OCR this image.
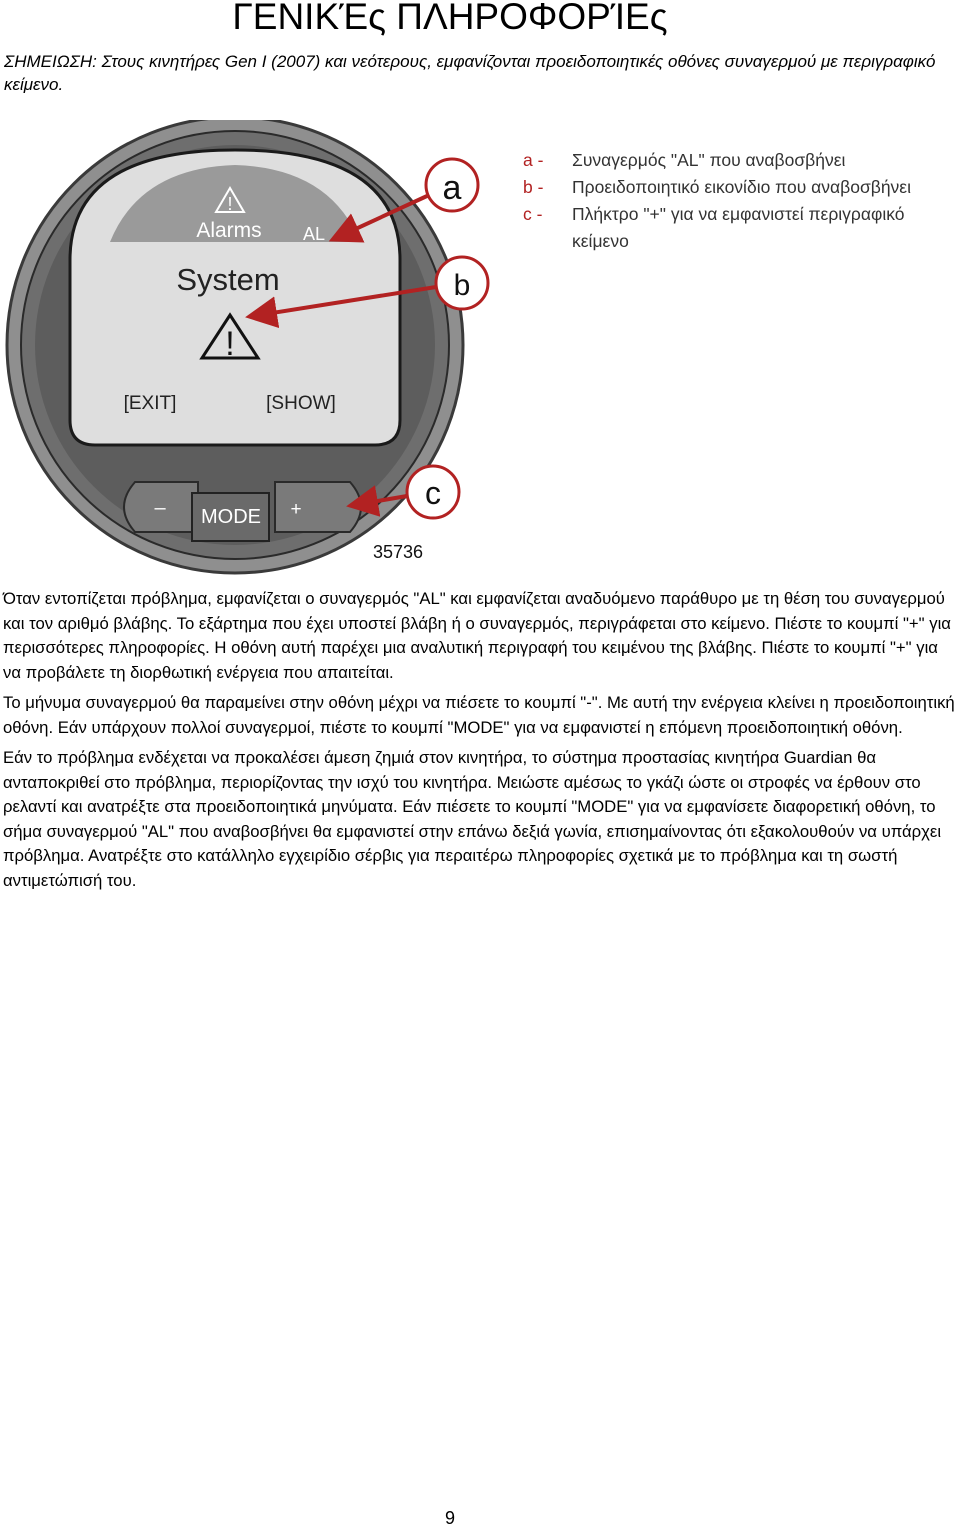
ΓΕΝΙΚΈς ΠΛΗΡΟΦΟΡΊΕς
ΣΗΜΕΙΩΣΗ: Στους κινητήρες Gen I (2007) και νεότερους, εμφανίζονται προειδοποιητικές οθόνες συναγερμού με περιγραφικό κείμενο.
!
Alarms AL
System
!
[EXIT]	[SHOW]
– MODE +
a
b
c
35736
a - Συναγερμός "AL" που αναβοσβήνει
b - Προειδοποιητικό εικονίδιο που αναβοσβήνει
c - Πλήκτρο "+" για να εμφανιστεί περιγραφικό κείμενο

Όταν εντοπίζεται πρόβλημα, εμφανίζεται ο συναγερμός "AL" και εμφανίζεται αναδυόμενο παράθυρο με τη θέση του συναγερμού και τον αριθμό βλάβης. Το εξάρτημα που έχει υποστεί βλάβη ή ο συναγερμός, περιγράφεται στο κείμενο. Πιέστε το κουμπί "+" για περισσότερες πληροφορίες. Η οθόνη αυτή παρέχει μια αναλυτική περιγραφή του κειμένου της βλάβης. Πιέστε το κουμπί "+" για να προβάλετε τη διορθωτική ενέργεια που απαιτείται.

Το μήνυμα συναγερμού θα παραμείνει στην οθόνη μέχρι να πιέσετε το κουμπί "-". Με αυτή την ενέργεια κλείνει η προειδοποιητική οθόνη. Εάν υπάρχουν πολλοί συναγερμοί, πιέστε το κουμπί "MODE" για να εμφανιστεί η επόμενη προειδοποιητική οθόνη.

Εάν το πρόβλημα ενδέχεται να προκαλέσει άμεση ζημιά στον κινητήρα, το σύστημα προστασίας κινητήρα Guardian θα ανταποκριθεί στο πρόβλημα, περιορίζοντας την ισχύ του κινητήρα. Μειώστε αμέσως το γκάζι ώστε οι στροφές να έρθουν στο ρελαντί και ανατρέξτε στα προειδοποιητικά μηνύματα. Εάν πιέσετε το κουμπί "MODE" για να εμφανίσετε διαφορετική οθόνη, το σήμα συναγερμού "AL" που αναβοσβήνει θα εμφανιστεί στην επάνω δεξιά γωνία, επισημαίνοντας ότι εξακολουθούν να υπάρχει πρόβλημα. Ανατρέξτε στο κατάλληλο εγχειρίδιο σέρβις για περαιτέρω πληροφορίες σχετικά με το πρόβλημα και τη σωστή αντιμετώπισή του.

9
